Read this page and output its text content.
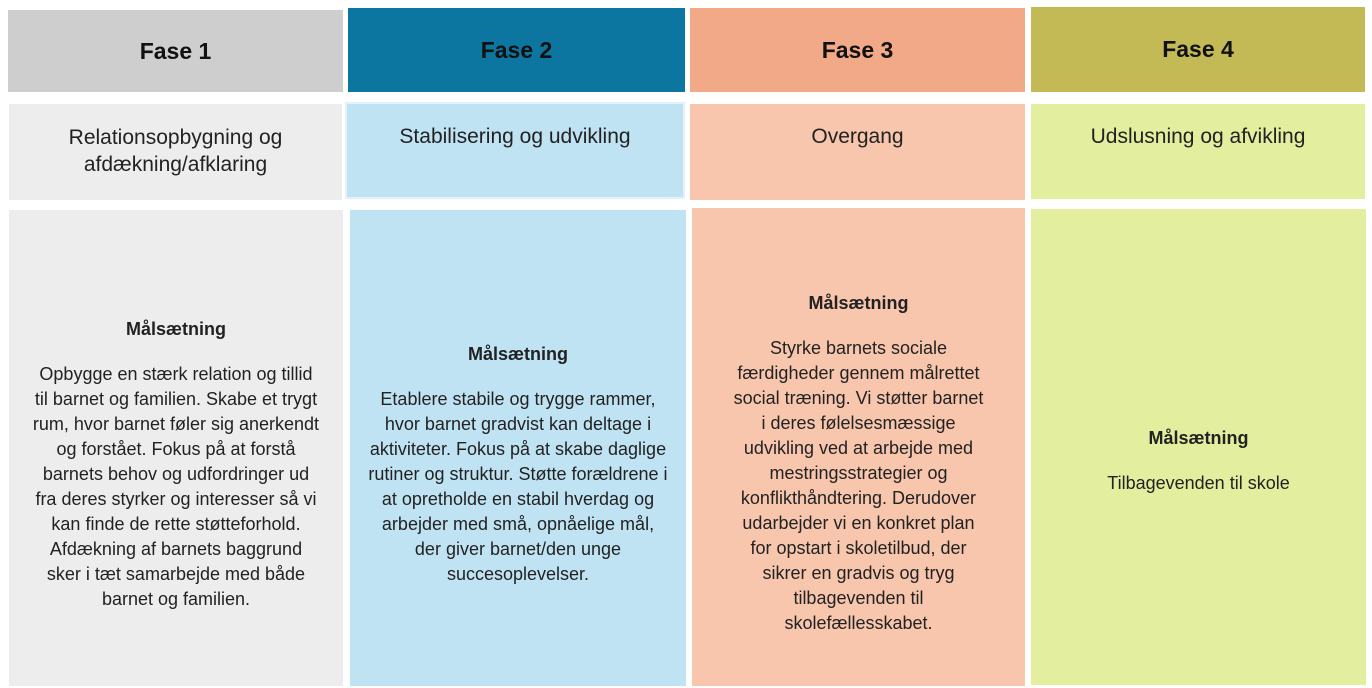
Fase 1
Relationsopbygning og afdækning/afklaring
Målsætning
Opbygge en stærk relation og tillid til barnet og familien. Skabe et trygt rum, hvor barnet føler sig anerkendt og forstået. Fokus på at forstå barnets behov og udfordringer ud fra deres styrker og interesser så vi kan finde de rette støtteforhold. Afdækning af barnets baggrund sker i tæt samarbejde med både barnet og familien.
Fase 2
Stabilisering og udvikling
Målsætning
Etablere stabile og trygge rammer, hvor barnet gradvist kan deltage i aktiviteter. Fokus på at skabe daglige rutiner og struktur. Støtte forældrene i at opretholde en stabil hverdag og arbejder med små, opnåelige mål, der giver barnet/den unge succesoplevelser.
Fase 3
Overgang
Målsætning
Styrke barnets sociale færdigheder gennem målrettet social træning. Vi støtter barnet i deres følelsesmæssige udvikling ved at arbejde med mestringsstrategier og konflikthåndtering. Derudover udarbejder vi en konkret plan for opstart i skoletilbud, der sikrer en gradvis og tryg tilbagevenden til skolefællesskabet.
Fase 4
Udslusning og afvikling
Målsætning
Tilbagevenden til skole
